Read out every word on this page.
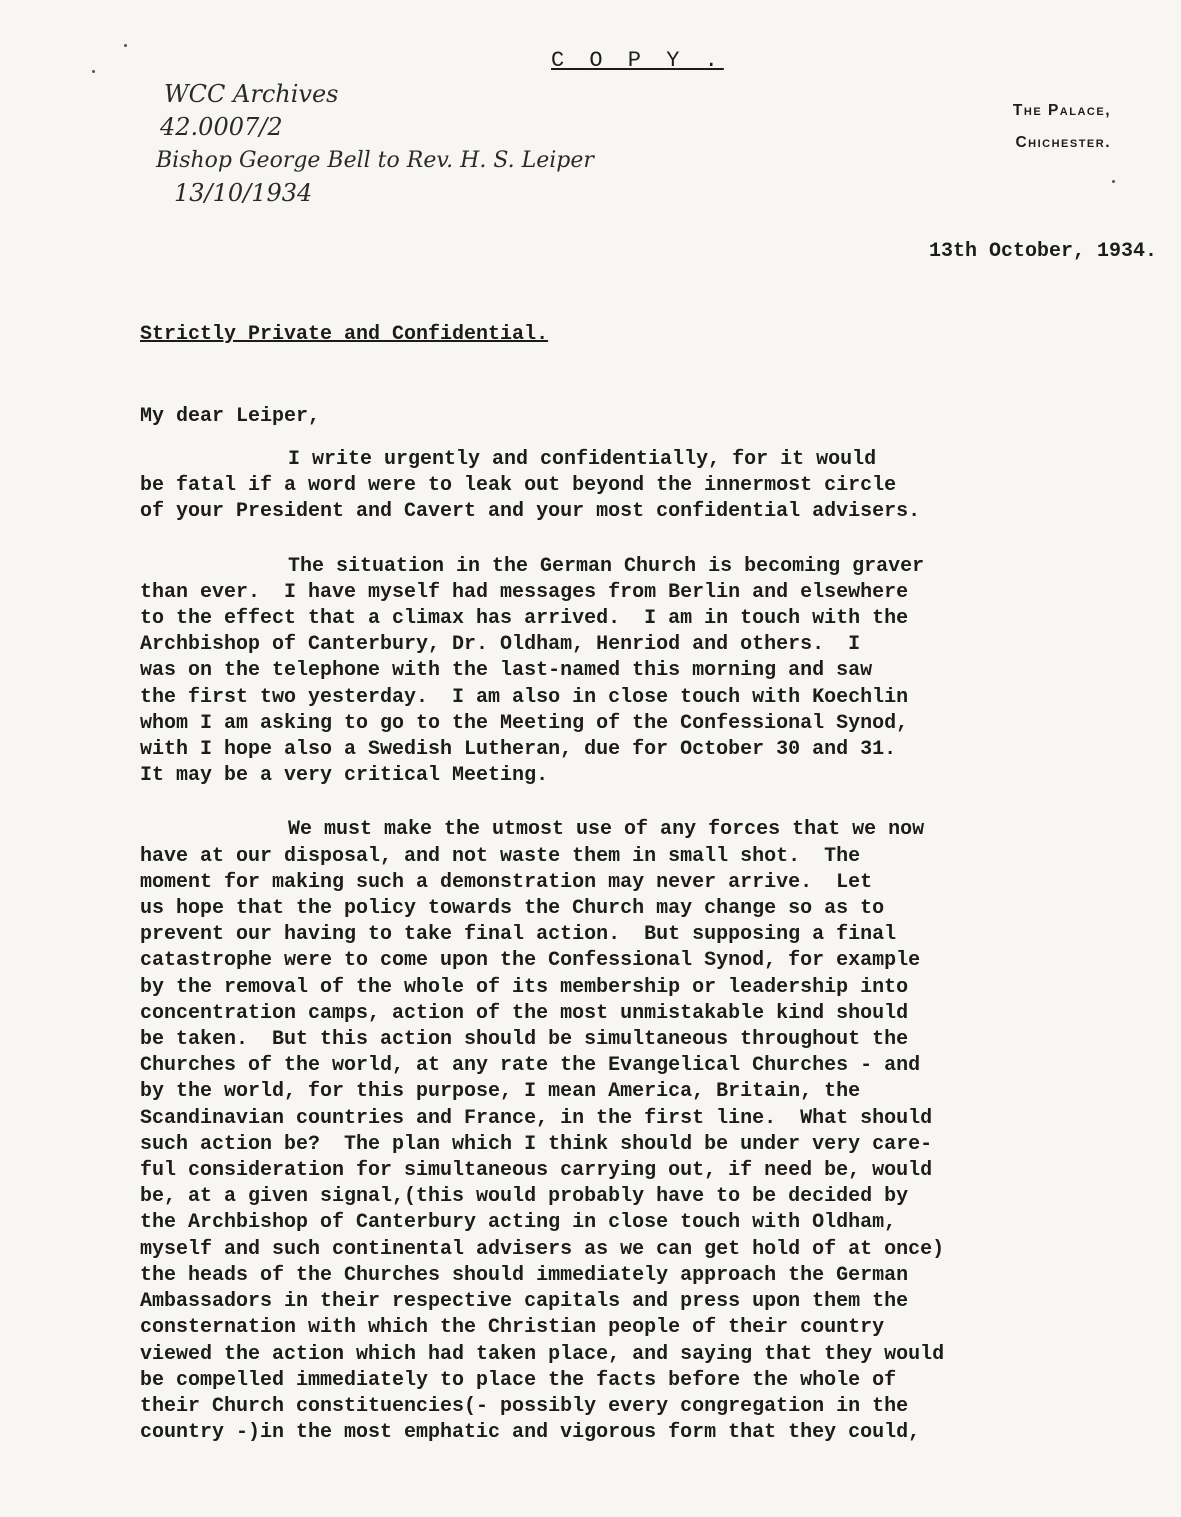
C O P Y .
WCC Archives
42.0007/2
Bishop George Bell to Rev. H. S. Leiper
13/10/1934
The Palace,
Chichester.
13th October, 1934.
Strictly Private and Confidential.
My dear Leiper,
I write urgently and confidentially, for it would
be fatal if a word were to leak out beyond the innermost circle
of your President and Cavert and your most confidential advisers.
The situation in the German Church is becoming graver
than ever.  I have myself had messages from Berlin and elsewhere
to the effect that a climax has arrived.  I am in touch with the
Archbishop of Canterbury, Dr. Oldham, Henriod and others.  I
was on the telephone with the last-named this morning and saw
the first two yesterday.  I am also in close touch with Koechlin
whom I am asking to go to the Meeting of the Confessional Synod,
with I hope also a Swedish Lutheran, due for October 30 and 31.
It may be a very critical Meeting.
We must make the utmost use of any forces that we now
have at our disposal, and not waste them in small shot.  The
moment for making such a demonstration may never arrive.  Let
us hope that the policy towards the Church may change so as to
prevent our having to take final action.  But supposing a final
catastrophe were to come upon the Confessional Synod, for example
by the removal of the whole of its membership or leadership into
concentration camps, action of the most unmistakable kind should
be taken.  But this action should be simultaneous throughout the
Churches of the world, at any rate the Evangelical Churches - and
by the world, for this purpose, I mean America, Britain, the
Scandinavian countries and France, in the first line.  What should
such action be?  The plan which I think should be under very care-
ful consideration for simultaneous carrying out, if need be, would
be, at a given signal,(this would probably have to be decided by
the Archbishop of Canterbury acting in close touch with Oldham,
myself and such continental advisers as we can get hold of at once)
the heads of the Churches should immediately approach the German
Ambassadors in their respective capitals and press upon them the
consternation with which the Christian people of their country
viewed the action which had taken place, and saying that they would
be compelled immediately to place the facts before the whole of
their Church constituencies(- possibly every congregation in the
country -)in the most emphatic and vigorous form that they could,
